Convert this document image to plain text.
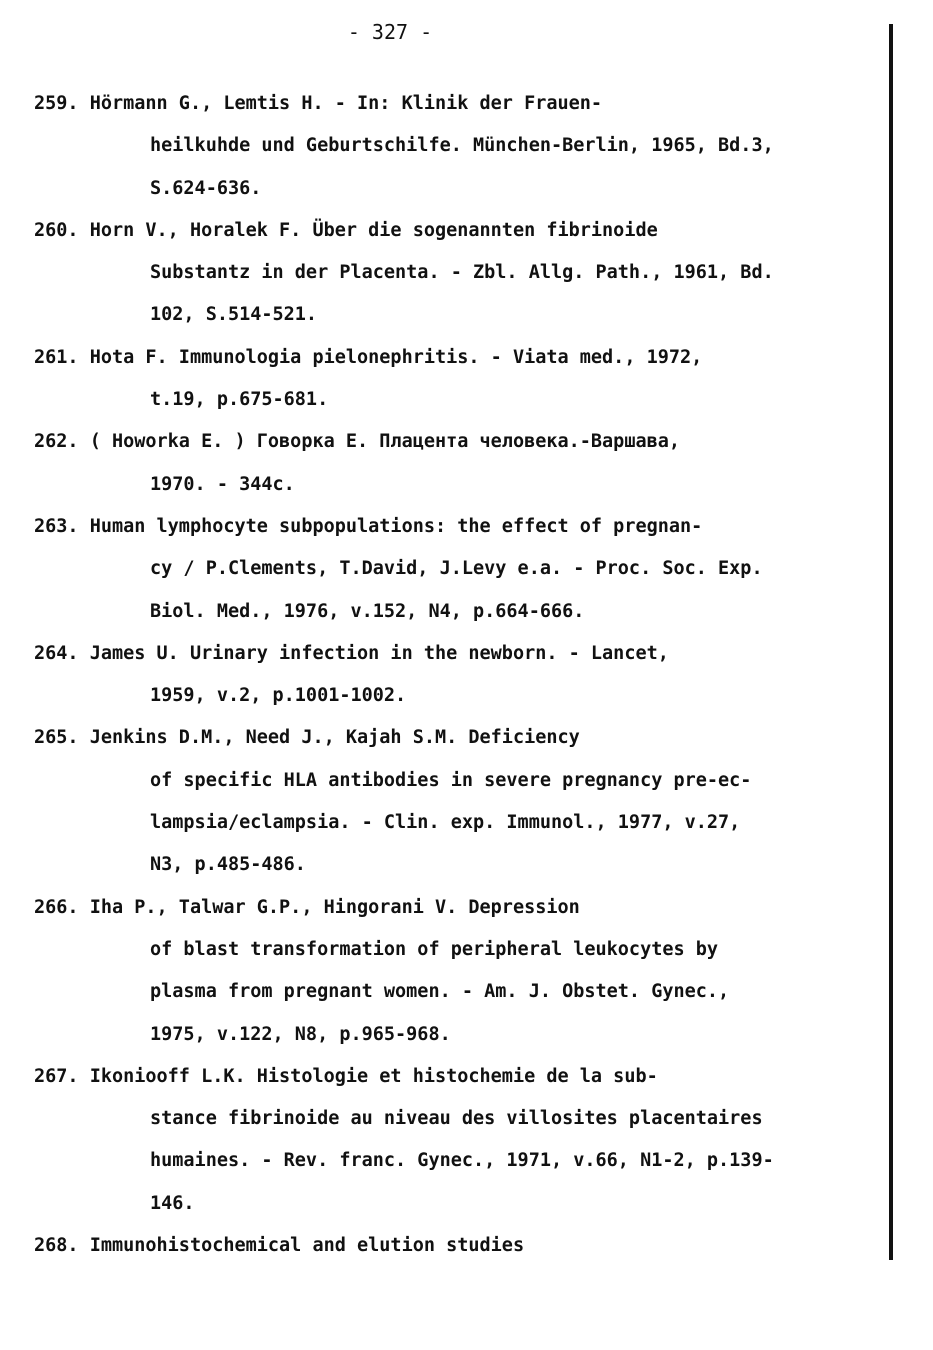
- 327 -
259. Hörmann G., Lemtis H. - In: Klinik der Frauen-
heilkuhde und Geburtschilfe. München-Berlin, 1965, Bd.3,
S.624-636.
260. Horn V., Horalek F. Über die sogenannten fibrinoide
Substantz in der Placenta. - Zbl. Allg. Path., 1961, Bd.
102, S.514-521.
261. Hota F. Immunologia pielonephritis. - Viata med., 1972,
t.19, p.675-681.
262. ( Howorka E. ) Говорка Е. Плацента человека.-Варшава,
1970. - 344с.
263. Human lymphocyte subpopulations: the effect of pregnan-
cy / P.Clements, T.David, J.Levy e.a. - Proc. Soc. Exp.
Biol. Med., 1976, v.152, N4, p.664-666.
264. James U. Urinary infection in the newborn. - Lancet,
1959, v.2, p.1001-1002.
265. Jenkins D.M., Need J., Kajah S.M. Deficiency
of specific HLA antibodies in severe pregnancy pre-ec-
lampsia/eclampsia. - Clin. exp. Immunol., 1977, v.27,
N3, p.485-486.
266. Iha P., Talwar G.P., Hingorani V. Depression
of blast transformation of peripheral leukocytes by
plasma from pregnant women. - Am. J. Obstet. Gynec.,
1975, v.122, N8, p.965-968.
267. Ikoniooff L.K. Histologie et histochemie de la sub-
stance fibrinoide au niveau des villosites placentaires
humaines. - Rev. franc. Gynec., 1971, v.66, N1-2, p.139-
146.
268. Immunohistochemical and elution studies
